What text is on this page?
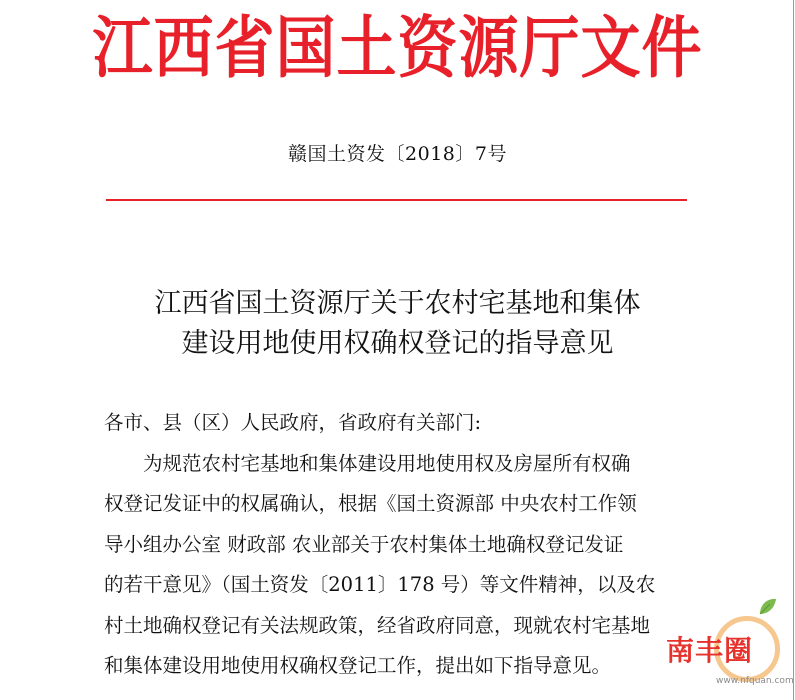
江西省国土资源厅文件
赣国土资发〔2018〕7号
江西省国土资源厅关于农村宅基地和集体
建设用地使用权确权登记的指导意见
各市、县（区）人民政府，省政府有关部门:
为规范农村宅基地和集体建设用地使用权及房屋所有权确
权登记发证中的权属确认，根据《国土资源部 中央农村工作领
导小组办公室 财政部 农业部关于农村集体土地确权登记发证
的若干意见》（国土资发〔2011〕178 号）等文件精神，以及农
村土地确权登记有关法规政策，经省政府同意，现就农村宅基地
和集体建设用地使用权确权登记工作，提出如下指导意见。	南丰圈
www.nfquan.com
